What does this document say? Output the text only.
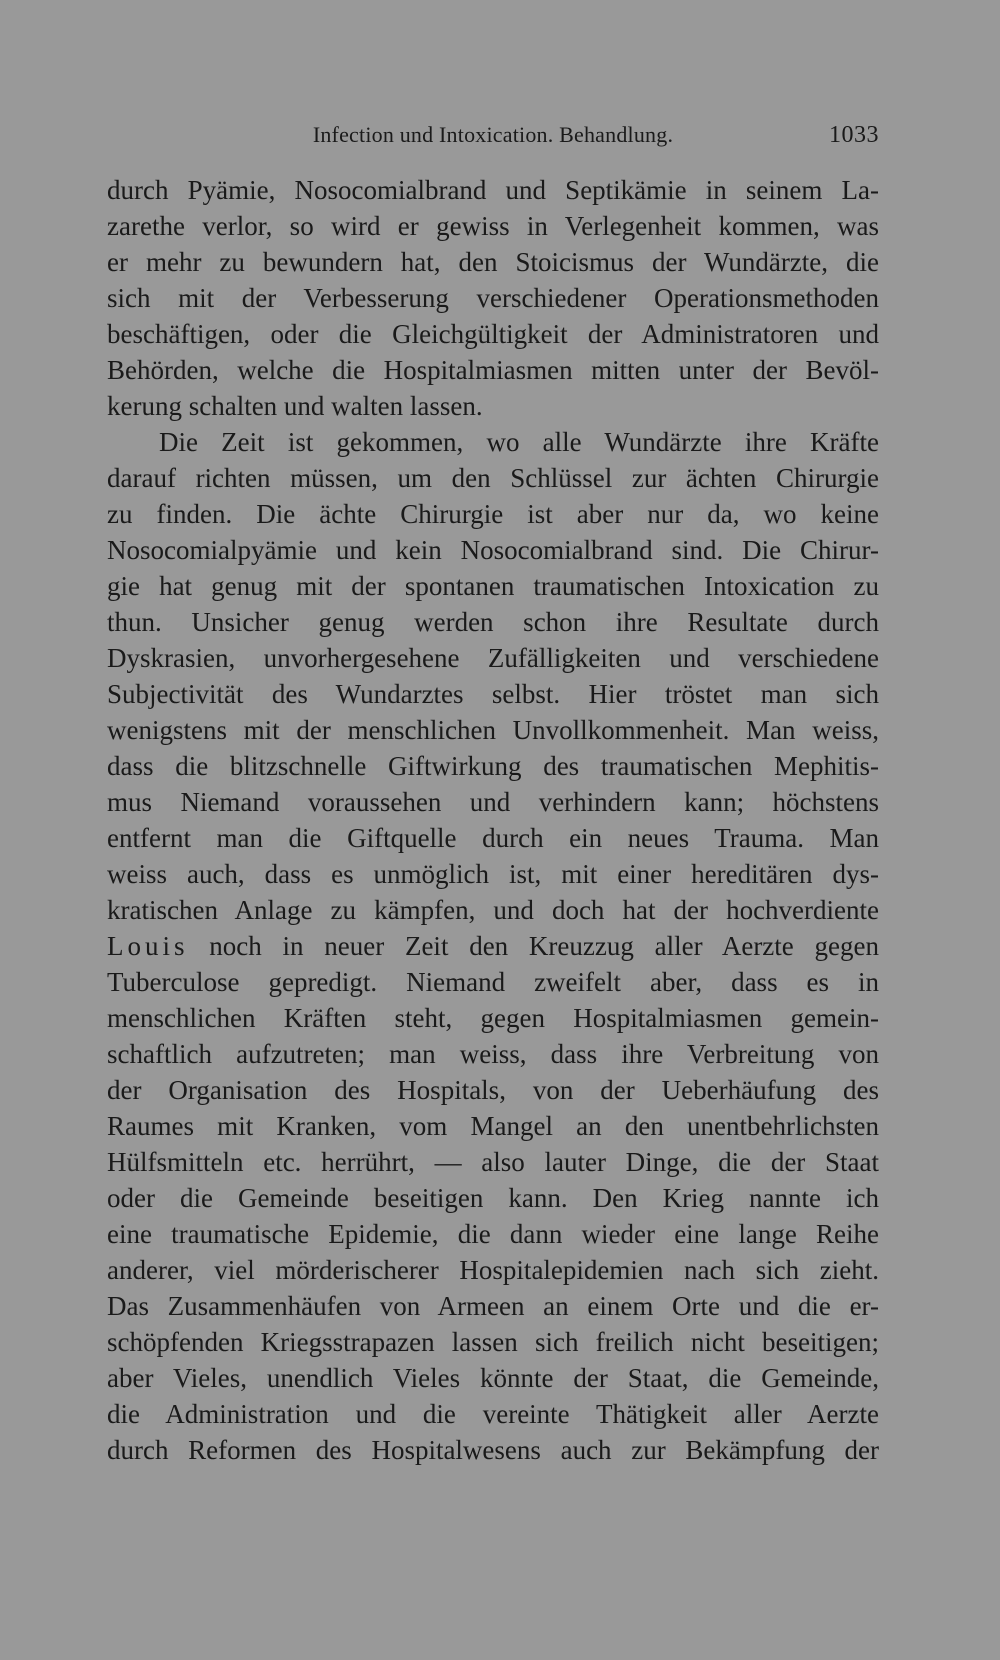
Infection und Intoxication. Behandlung.	1033
durch Pyämie, Nosocomialbrand und Septikämie in seinem La-
zarethe verlor, so wird er gewiss in Verlegenheit kommen, was
er mehr zu bewundern hat, den Stoicismus der Wundärzte, die
sich mit der Verbesserung verschiedener Operationsmethoden
beschäftigen, oder die Gleichgültigkeit der Administratoren und
Behörden, welche die Hospitalmiasmen mitten unter der Bevöl-
kerung schalten und walten lassen.
Die Zeit ist gekommen, wo alle Wundärzte ihre Kräfte
darauf richten müssen, um den Schlüssel zur ächten Chirurgie
zu finden. Die ächte Chirurgie ist aber nur da, wo keine
Nosocomialpyämie und kein Nosocomialbrand sind. Die Chirur-
gie hat genug mit der spontanen traumatischen Intoxication zu
thun. Unsicher genug werden schon ihre Resultate durch
Dyskrasien, unvorhergesehene Zufälligkeiten und verschiedene
Subjectivität des Wundarztes selbst. Hier tröstet man sich
wenigstens mit der menschlichen Unvollkommenheit. Man weiss,
dass die blitzschnelle Giftwirkung des traumatischen Mephitis-
mus Niemand voraussehen und verhindern kann; höchstens
entfernt man die Giftquelle durch ein neues Trauma. Man
weiss auch, dass es unmöglich ist, mit einer hereditären dys-
kratischen Anlage zu kämpfen, und doch hat der hochverdiente
Louis noch in neuer Zeit den Kreuzzug aller Aerzte gegen
Tuberculose gepredigt. Niemand zweifelt aber, dass es in
menschlichen Kräften steht, gegen Hospitalmiasmen gemein-
schaftlich aufzutreten; man weiss, dass ihre Verbreitung von
der Organisation des Hospitals, von der Ueberhäufung des
Raumes mit Kranken, vom Mangel an den unentbehrlichsten
Hülfsmitteln etc. herrührt, — also lauter Dinge, die der Staat
oder die Gemeinde beseitigen kann. Den Krieg nannte ich
eine traumatische Epidemie, die dann wieder eine lange Reihe
anderer, viel mörderischerer Hospitalepidemien nach sich zieht.
Das Zusammenhäufen von Armeen an einem Orte und die er-
schöpfenden Kriegsstrapazen lassen sich freilich nicht beseitigen;
aber Vieles, unendlich Vieles könnte der Staat, die Gemeinde,
die Administration und die vereinte Thätigkeit aller Aerzte
durch Reformen des Hospitalwesens auch zur Bekämpfung der
